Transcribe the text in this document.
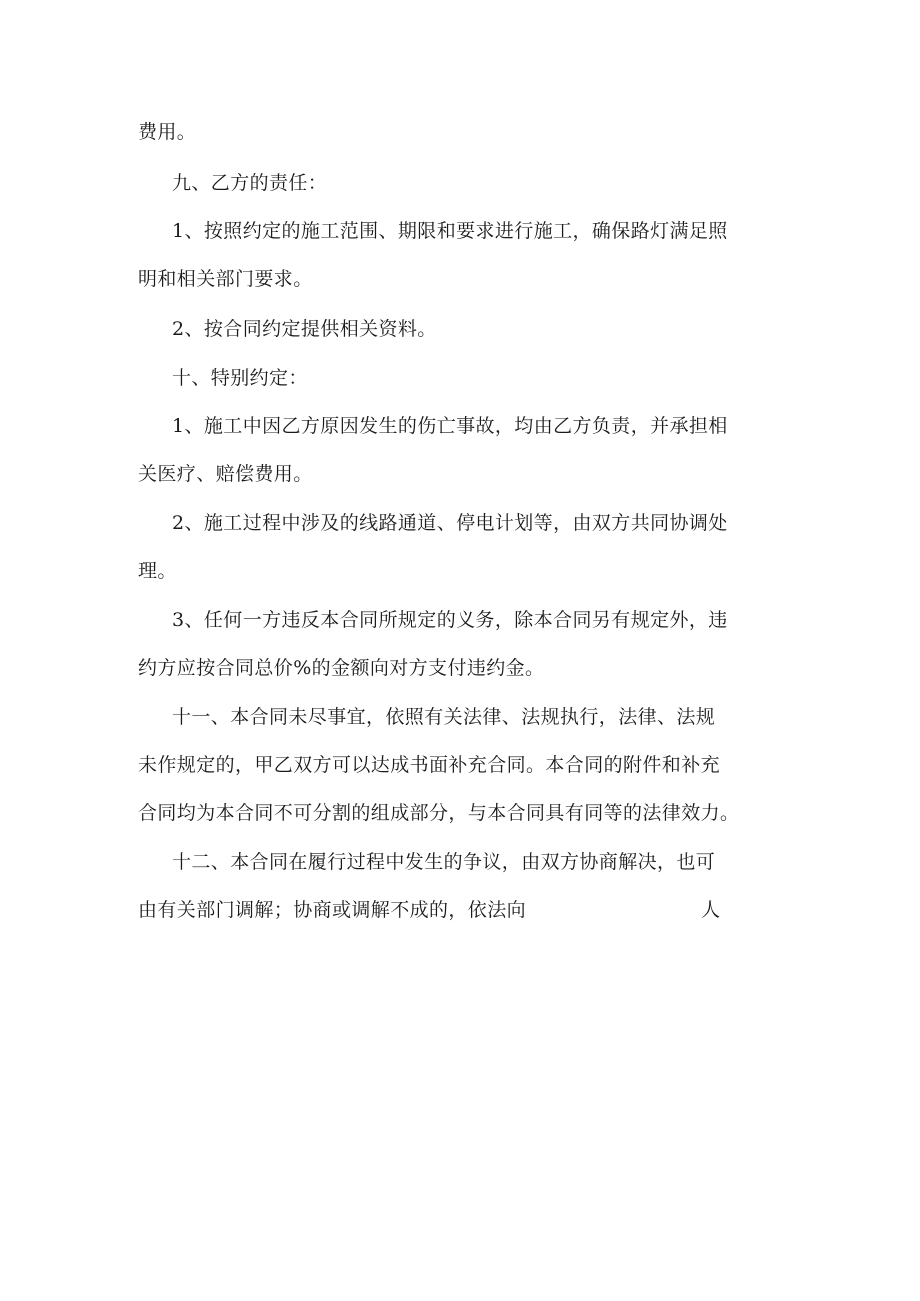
费用。
九、乙方的责任：
1、按照约定的施工范围、期限和要求进行施工，确保路灯满足照
明和相关部门要求。
2、按合同约定提供相关资料。
十、特别约定：
1、施工中因乙方原因发生的伤亡事故，均由乙方负责，并承担相
关医疗、赔偿费用。
2、施工过程中涉及的线路通道、停电计划等，由双方共同协调处
理。
3、任何一方违反本合同所规定的义务，除本合同另有规定外，违
约方应按合同总价%的金额向对方支付违约金。
十一、本合同未尽事宜，依照有关法律、法规执行，法律、法规
未作规定的，甲乙双方可以达成书面补充合同。本合同的附件和补充
合同均为本合同不可分割的组成部分，与本合同具有同等的法律效力。
十二、本合同在履行过程中发生的争议，由双方协商解决，也可
由有关部门调解；协商或调解不成的，依法向	人
